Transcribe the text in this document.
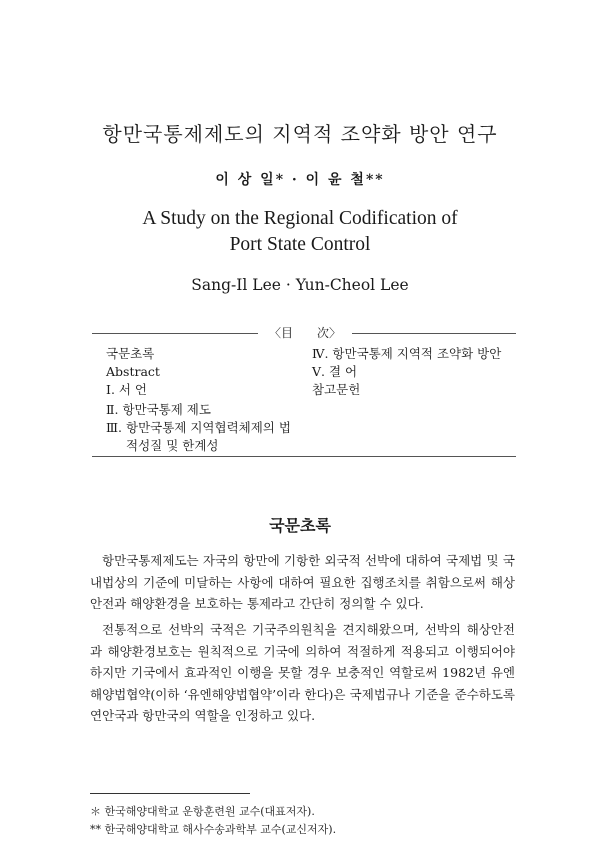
항만국통제제도의 지역적 조약화 방안 연구
이 상 일* · 이 윤 철**
A Study on the Regional Codification of
Port State Control
Sang-Il Lee · Yun-Cheol Lee
〈目　　次〉
국문초록
Abstract
Ⅰ. 서 언
Ⅱ. 항만국통제 제도
Ⅲ. 항만국통제 지역협력체제의 법
적성질 및 한계성
Ⅳ. 항만국통제 지역적 조약화 방안
Ⅴ. 결 어
참고문헌
국문초록

항만국통제제도는 자국의 항만에 기항한 외국적 선박에 대하여 국제법 및 국내법상의 기준에 미달하는 사항에 대하여 필요한 집행조치를 취함으로써 해상안전과 해양환경을 보호하는 통제라고 간단히 정의할 수 있다.

전통적으로 선박의 국적은 기국주의원칙을 견지해왔으며, 선박의 해상안전과 해양환경보호는 원칙적으로 기국에 의하여 적절하게 적용되고 이행되어야 하지만 기국에서 효과적인 이행을 못할 경우 보충적인 역할로써 1982년 유엔해양법협약(이하 ‘유엔해양법협약’이라 한다)은 국제법규나 기준을 준수하도록 연안국과 항만국의 역할을 인정하고 있다.

＊ 한국해양대학교 운항훈련원 교수(대표저자).
** 한국해양대학교 해사수송과학부 교수(교신저자).
